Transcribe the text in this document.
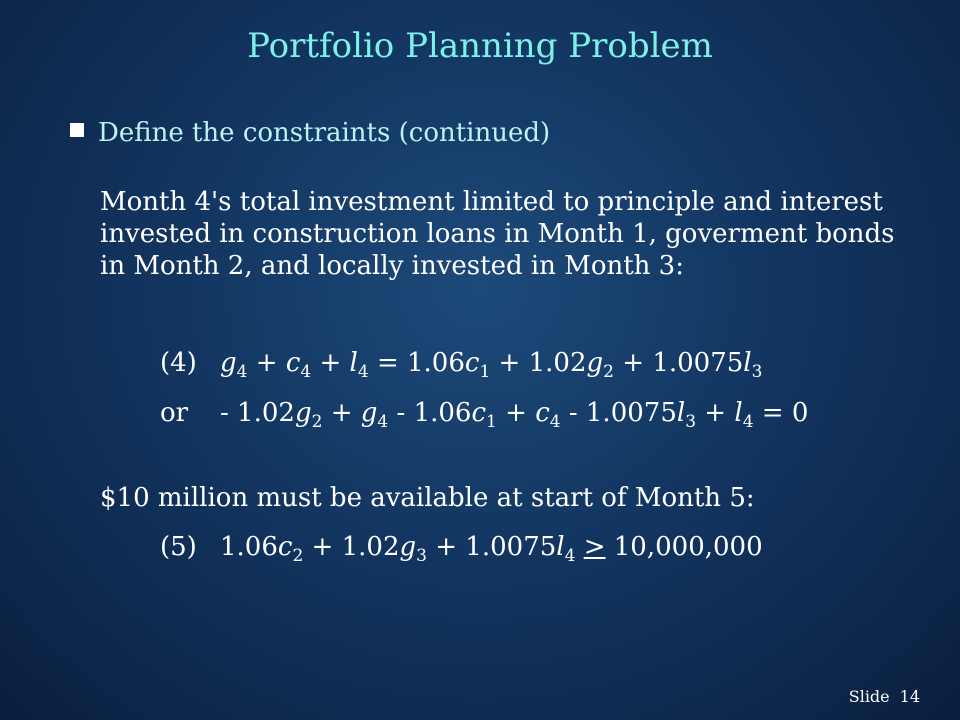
Portfolio Planning Problem
Define the constraints (continued)
Month 4's total investment limited to principle and interest invested in construction loans in Month 1, goverment bonds in Month 2, and locally invested in Month 3:
(4) $g_4 + c_4 + l_4 = 1.06c_1 + 1.02g_2 + 1.0075l_3$
or - $1.02g_2 + g_4 - 1.06c_1 + c_4 - 1.0075l_3 + l_4 = 0$
$10 million must be available at start of Month 5:
(5) $1.06c_2 + 1.02g_3 + 1.0075l_4 > 10,000,000$
Slide 14
